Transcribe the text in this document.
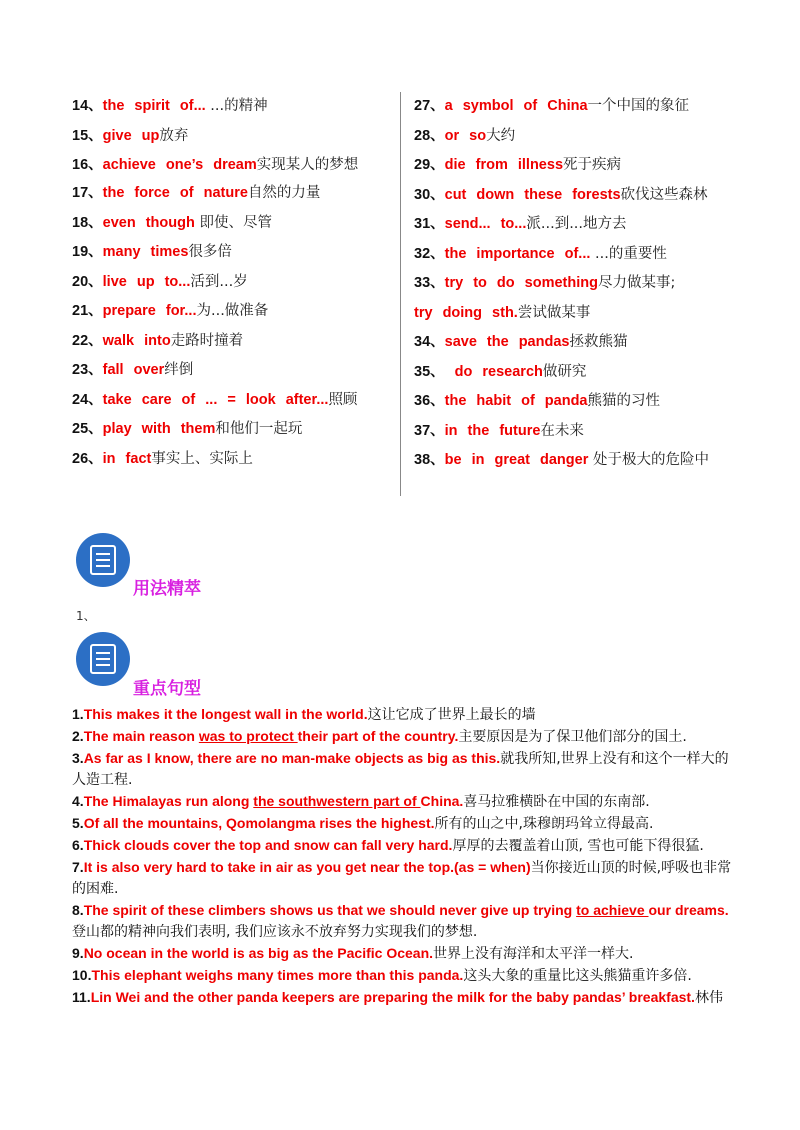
14、the spirit of... ...的精神
15、give up放弃
16、achieve one’s dream实现某人的梦想
17、the force of nature自然的力量
18、even though 即使、尽管
19、many times很多倍
20、live up to...活到...岁
21、prepare for...为...做准备
22、walk into走路时撞着
23、fall over绊倒
24、take care of ... = look after...照顾
25、play with them和他们一起玩
26、in fact事实上、实际上
27、a symbol of China一个中国的象征
28、or so大约
29、die from illness死于疾病
30、cut down these forests砍伐这些森林
31、send... to...派...到...地方去
32、the importance of... ...的重要性
33、try to do something尽力做某事;
try doing sth.尝试做某事
34、save the pandas拯救熊猫
35、 do research做研究
36、the habit of panda熊猫的习性
37、in the future在未来
38、be in great danger 处于极大的危险中
用法精萃
1、
重点句型

1.This makes it the longest wall in the world.这让它成了世界上最长的墙

2.The main reason was to protect their part of the country.主要原因是为了保卫他们部分的国土.

3.As far as I know, there are no man-make objects as big as this.就我所知,世界上没有和这个一样大的人造工程.

4.The Himalayas run along the southwestern part of China.喜马拉雅横卧在中国的东南部.

5.Of all the mountains, Qomolangma rises the highest.所有的山之中,珠穆朗玛耸立得最高.

6.Thick clouds cover the top and snow can fall very hard.厚厚的去覆盖着山顶, 雪也可能下得很猛.

7.It is also very hard to take in air as you get near the top.(as = when)当你接近山顶的时候,呼吸也非常的困难.

8.The spirit of these climbers shows us that we should never give up trying to achieve our dreams.登山都的精神向我们表明, 我们应该永不放弃努力实现我们的梦想.

9.No ocean in the world is as big as the Pacific Ocean.世界上没有海洋和太平洋一样大.

10.This elephant weighs many times more than this panda.这头大象的重量比这头熊猫重许多倍.

11.Lin Wei and the other panda keepers are preparing the milk for the baby pandas’ breakfast.林伟
